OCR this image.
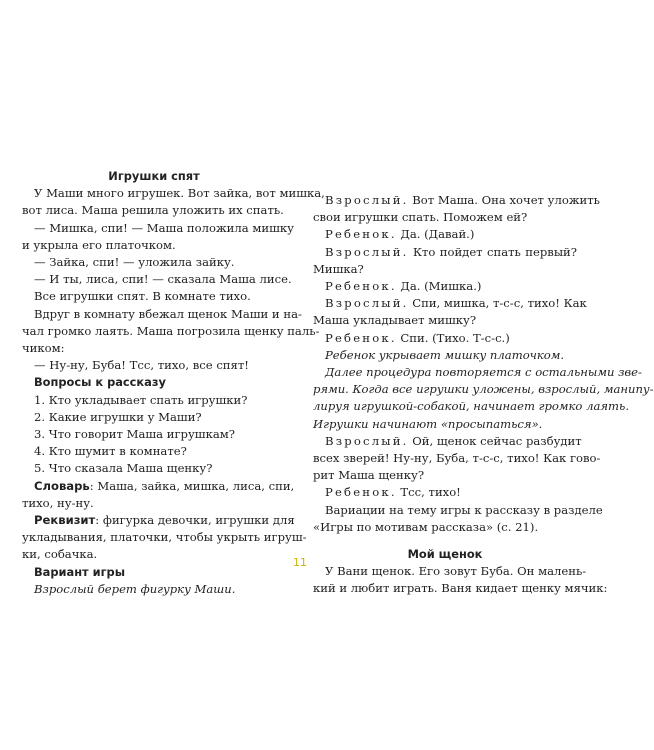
Игрушки спят
У Маши много игрушек. Вот зайка, вот мишка,
вот лиса. Маша решила уложить их спать.
— Мишка, спи! — Маша положила мишку
и укрыла его платочком.
— Зайка, спи! — уложила зайку.
— И ты, лиса, спи! — сказала Маша лисе.
Все игрушки спят. В комнате тихо.
Вдруг в комнату вбежал щенок Маши и на-
чал громко лаять. Маша погрозила щенку паль-
чиком:
— Ну-ну, Буба! Тсс, тихо, все спят!
Вопросы к рассказу
1. Кто укладывает спать игрушки?
2. Какие игрушки у Маши?
3. Что говорит Маша игрушкам?
4. Кто шумит в комнате?
5. Что сказала Маша щенку?
Словарь: Маша, зайка, мишка, лиса, спи,
тихо, ну-ну.
Реквизит: фигурка девочки, игрушки для
укладывания, платочки, чтобы укрыть игруш-
ки, собачка.
Вариант игры
Взрослый берет фигурку Маши.
Взрослый. Вот Маша. Она хочет уложить
свои игрушки спать. Поможем ей?
Ребенок. Да. (Давай.)
Взрослый. Кто пойдет спать первый?
Мишка?
Ребенок. Да. (Мишка.)
Взрослый. Спи, мишка, т-с-с, тихо! Как
Маша укладывает мишку?
Ребенок. Спи. (Тихо. Т-с-с.)
Ребенок укрывает мишку платочком.
Далее процедура повторяется с остальными зве-
рями. Когда все игрушки уложены, взрослый, манипу-
лируя игрушкой-собакой, начинает громко лаять.
Игрушки начинают «просыпаться».
Взрослый. Ой, щенок сейчас разбудит
всех зверей! Ну-ну, Буба, т-с-с, тихо! Как гово-
рит Маша щенку?
Ребенок. Тсс, тихо!
Вариации на тему игры к рассказу в разделе
«Игры по мотивам рассказа» (с. 21).
Мой щенок
У Вани щенок. Его зовут Буба. Он малень-
кий и любит играть. Ваня кидает щенку мячик:
11
